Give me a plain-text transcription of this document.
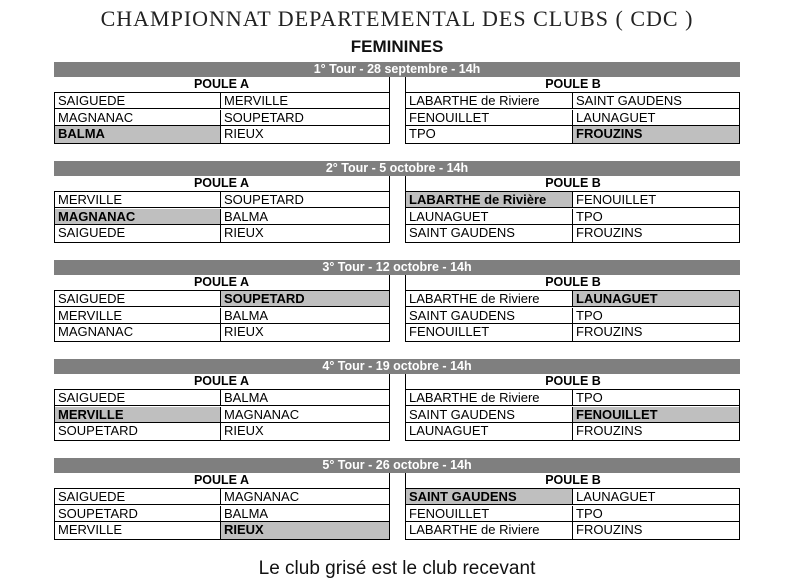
CHAMPIONNAT DEPARTEMENTAL DES CLUBS ( CDC )
FEMININES
1° Tour - 28 septembre - 14h
POULE A
SAIGUEDE	MERVILLE
MAGNANAC	SOUPETARD
BALMA	RIEUX
POULE B
LABARTHE de Riviere	SAINT GAUDENS
FENOUILLET	LAUNAGUET
TPO	FROUZINS
2° Tour - 5 octobre - 14h
POULE A
MERVILLE	SOUPETARD
MAGNANAC	BALMA
SAIGUEDE	RIEUX
POULE B
LABARTHE de Rivière	FENOUILLET
LAUNAGUET	TPO
SAINT GAUDENS	FROUZINS
3° Tour - 12 octobre - 14h
POULE A
SAIGUEDE	SOUPETARD
MERVILLE	BALMA
MAGNANAC	RIEUX
POULE B
LABARTHE de Riviere	LAUNAGUET
SAINT GAUDENS	TPO
FENOUILLET	FROUZINS
4° Tour - 19 octobre - 14h
POULE A
SAIGUEDE	BALMA
MERVILLE	MAGNANAC
SOUPETARD	RIEUX
POULE B
LABARTHE de Riviere	TPO
SAINT GAUDENS	FENOUILLET
LAUNAGUET	FROUZINS
5° Tour - 26 octobre - 14h
POULE A
SAIGUEDE	MAGNANAC
SOUPETARD	BALMA
MERVILLE	RIEUX
POULE B
SAINT GAUDENS	LAUNAGUET
FENOUILLET	TPO
LABARTHE de Riviere	FROUZINS
Le club grisé est le club recevant
